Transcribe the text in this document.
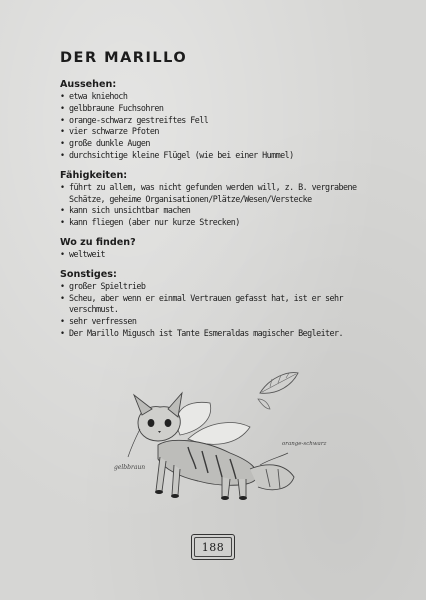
DER MARILLO

Aussehen:

• etwa kniehoch
• gelbbraune Fuchsohren
• orange-schwarz gestreiftes Fell
• vier schwarze Pfoten
• große dunkle Augen
• durchsichtige kleine Flügel (wie bei einer Hummel)

Fähigkeiten:

• führt zu allem, was nicht gefunden werden will, z. B. vergrabene Schätze, geheime Organisationen/Plätze/Wesen/Verstecke
• kann sich unsichtbar machen
• kann fliegen (aber nur kurze Strecken)

Wo zu finden?

• weltweit

Sonstiges:

• großer Spieltrieb
• Scheu, aber wenn er einmal Vertrauen gefasst hat, ist er sehr verschmust.
• sehr verfressen
• Der Marillo Migusch ist Tante Esmeraldas magischer Begleiter.
gelbbraun
orange-schwarz
188
